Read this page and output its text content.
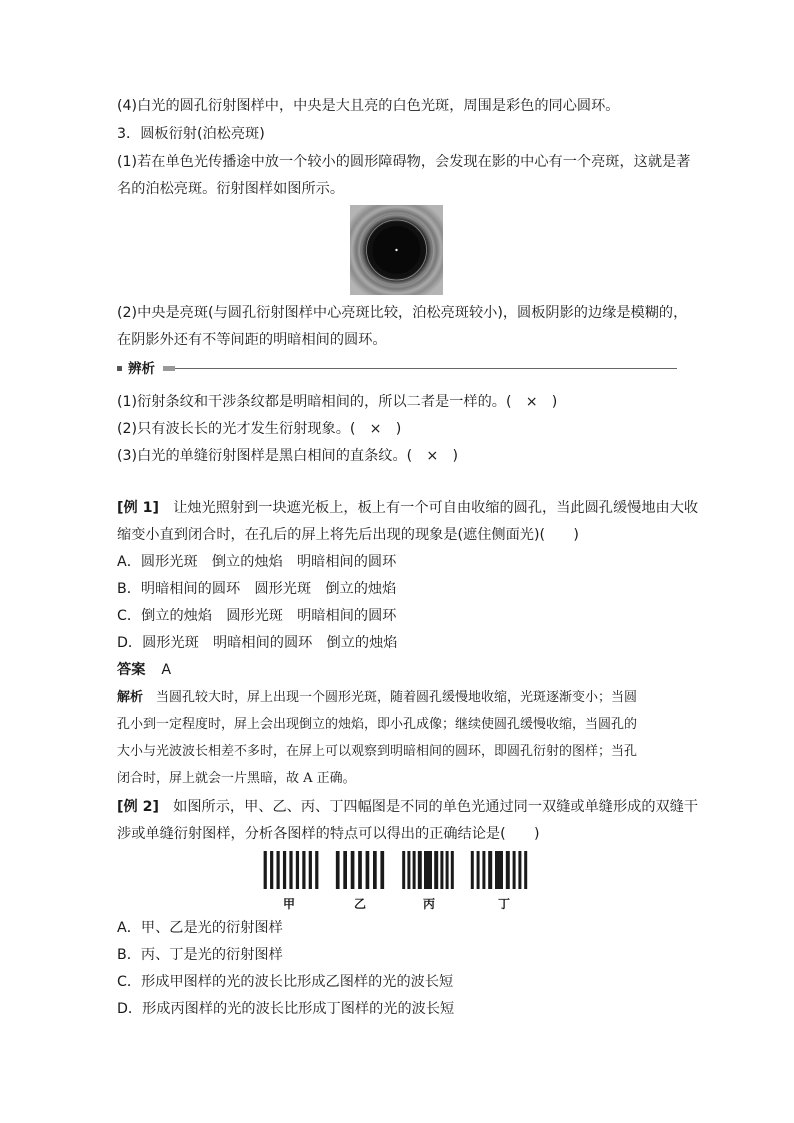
(4)白光的圆孔衍射图样中，中央是大且亮的白色光斑，周围是彩色的同心圆环。
3．圆板衍射(泊松亮斑)
(1)若在单色光传播途中放一个较小的圆形障碍物，会发现在影的中心有一个亮斑，这就是著
名的泊松亮斑。衍射图样如图所示。
(2)中央是亮斑(与圆孔衍射图样中心亮斑比较，泊松亮斑较小)，圆板阴影的边缘是模糊的，
在阴影外还有不等间距的明暗相间的圆环。
辨析
(1)衍射条纹和干涉条纹都是明暗相间的，所以二者是一样的。(　×　)
(2)只有波长长的光才发生衍射现象。(　×　)
(3)白光的单缝衍射图样是黑白相间的直条纹。(　×　)
[例 1]　让烛光照射到一块遮光板上，板上有一个可自由收缩的圆孔，当此圆孔缓慢地由大收
缩变小直到闭合时，在孔后的屏上将先后出现的现象是(遮住侧面光)(　　)
A．圆形光斑　倒立的烛焰　明暗相间的圆环
B．明暗相间的圆环　圆形光斑　倒立的烛焰
C．倒立的烛焰　圆形光斑　明暗相间的圆环
D．圆形光斑　明暗相间的圆环　倒立的烛焰
答案 A
解析　当圆孔较大时，屏上出现一个圆形光斑，随着圆孔缓慢地收缩，光斑逐渐变小；当圆
孔小到一定程度时，屏上会出现倒立的烛焰，即小孔成像；继续使圆孔缓慢收缩，当圆孔的
大小与光波波长相差不多时，在屏上可以观察到明暗相间的圆环，即圆孔衍射的图样；当孔
闭合时，屏上就会一片黑暗，故 A 正确。
[例 2]　如图所示，甲、乙、丙、丁四幅图是不同的单色光通过同一双缝或单缝形成的双缝干
涉或单缝衍射图样，分析各图样的特点可以得出的正确结论是(　　)
甲	乙	丙	丁
A．甲、乙是光的衍射图样
B．丙、丁是光的衍射图样
C．形成甲图样的光的波长比形成乙图样的光的波长短
D．形成丙图样的光的波长比形成丁图样的光的波长短
